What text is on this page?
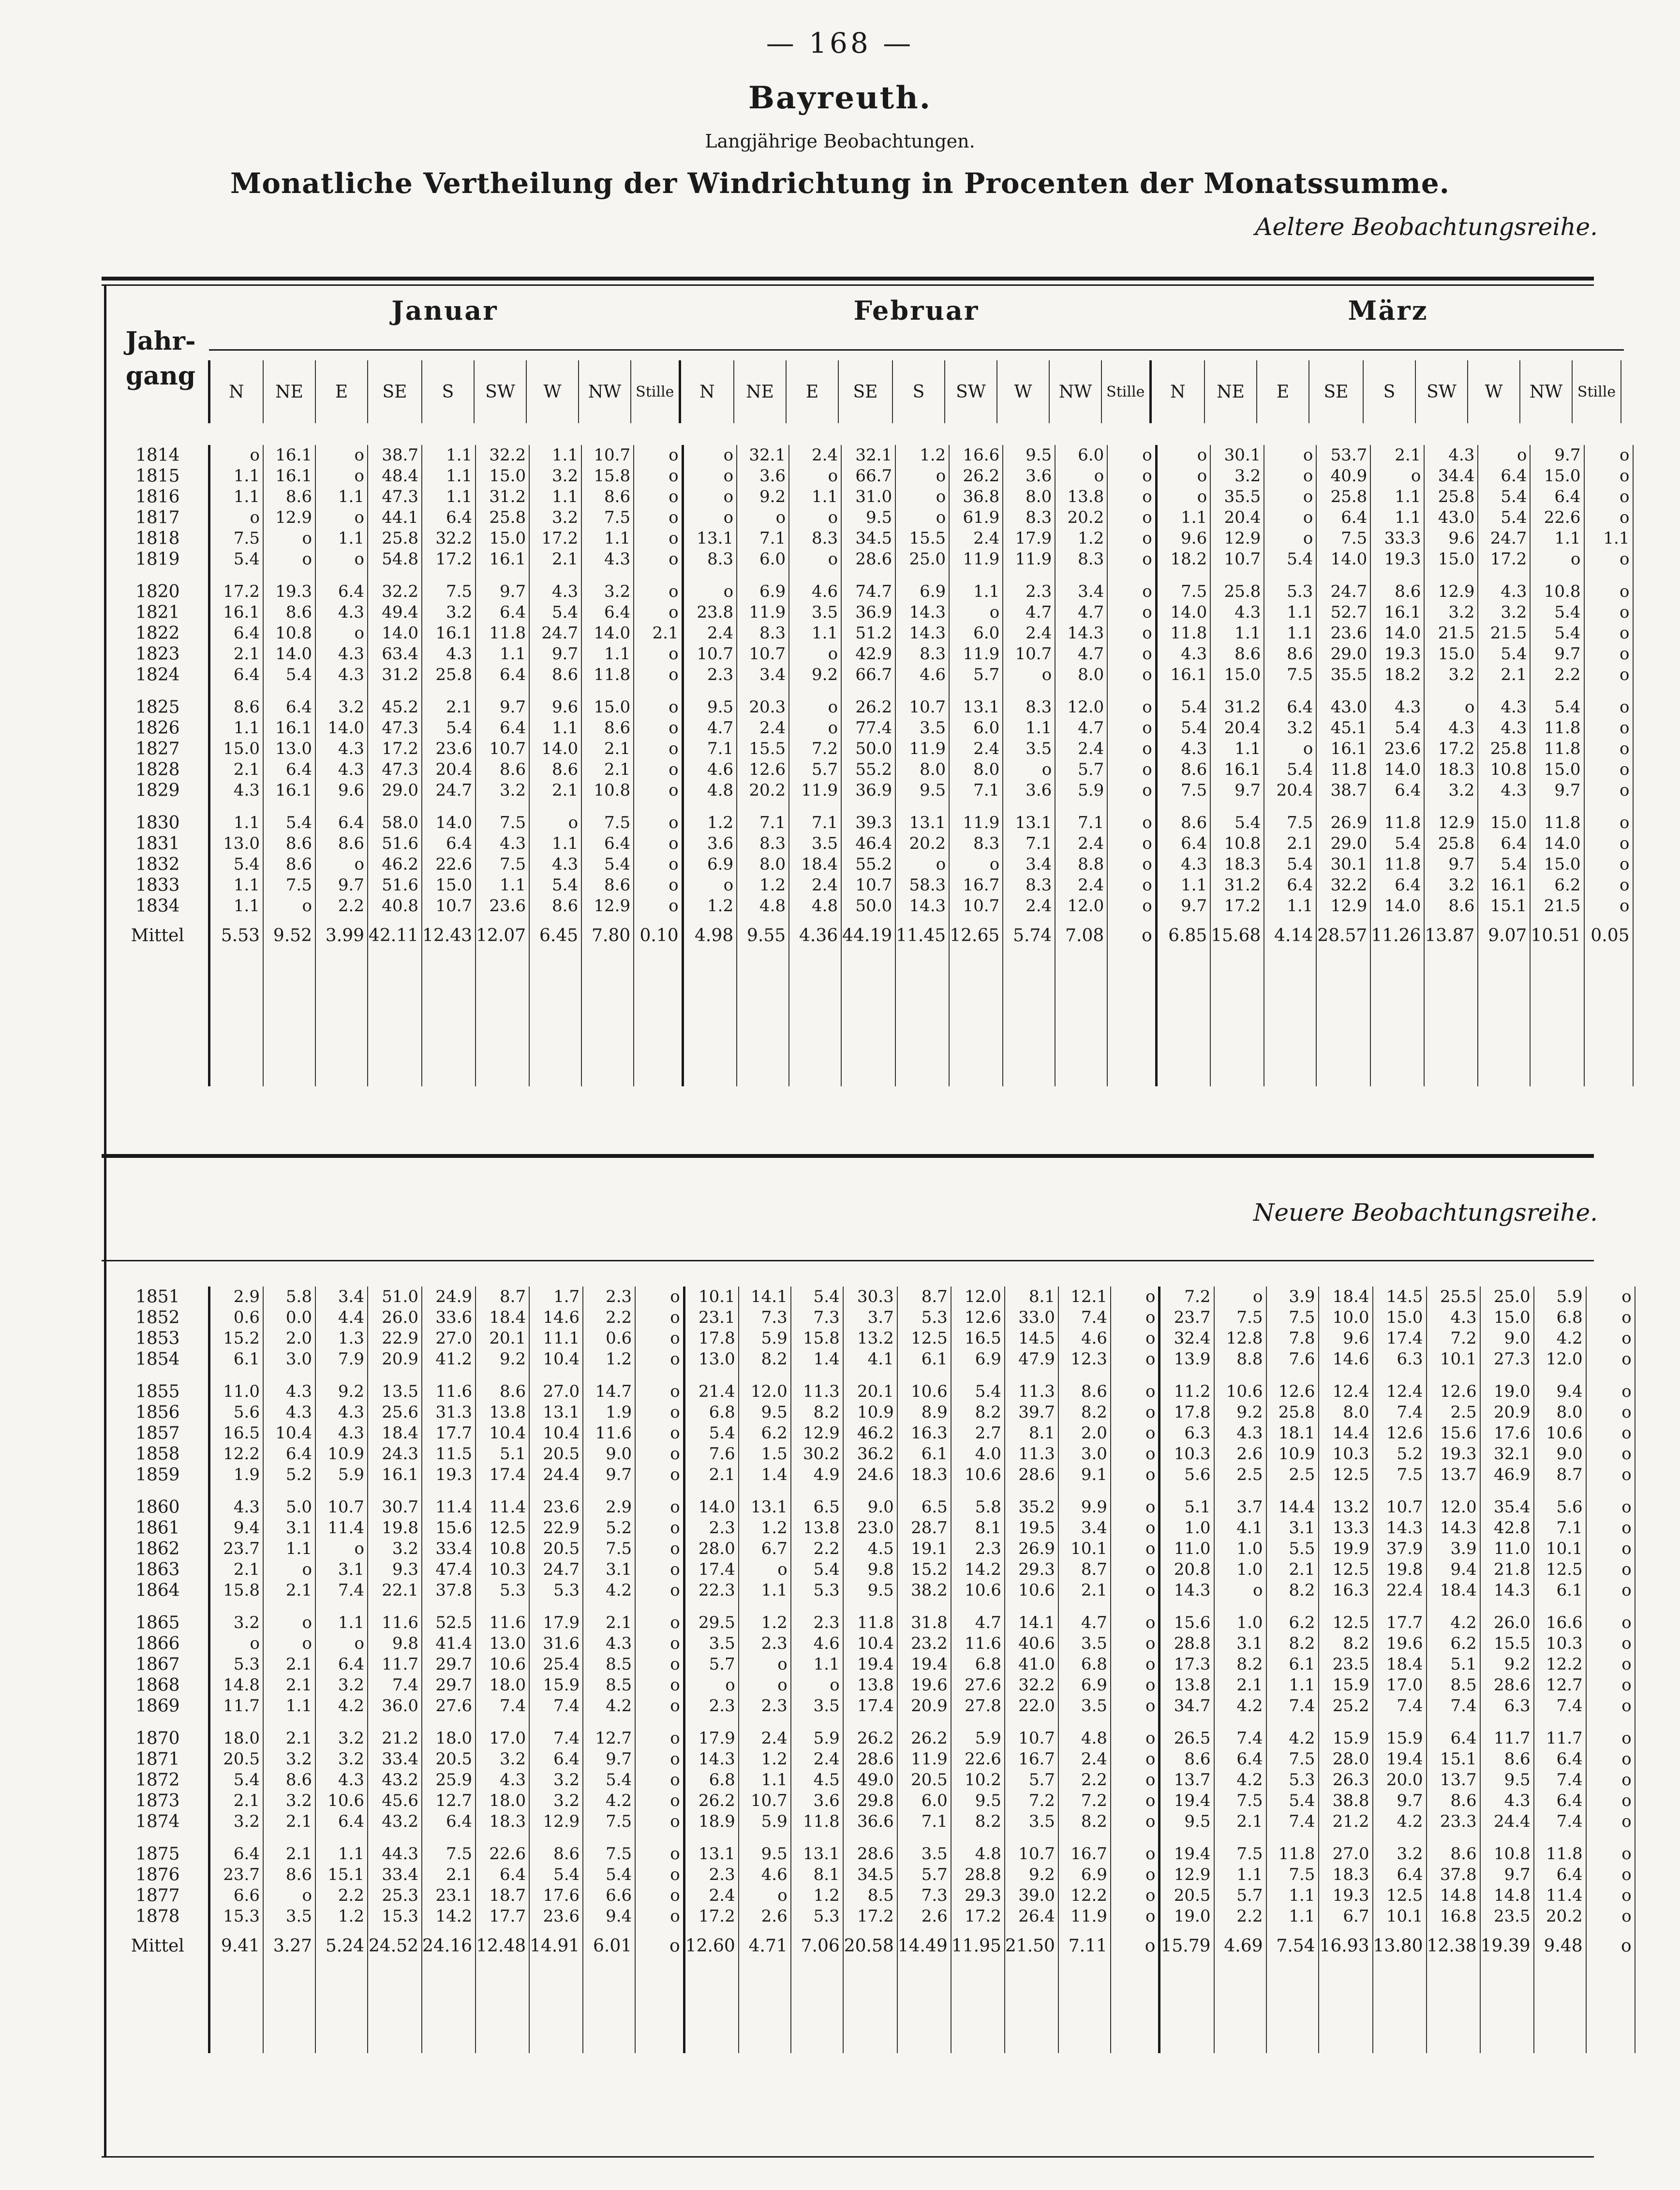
— 168 —
Bayreuth.
Langjährige Beobachtungen.
Monatliche Vertheilung der Windrichtung in Procenten der Monatssumme.
Aeltere Beobachtungsreihe.
Jahr-
gang
Januar	Februar	März
	N	NE	E	SE	S	SW	W	NW	Stille	N	NE	E	SE	S	SW	W	NW	Stille	N	NE	E	SE	S	SW	W	NW	Stille
1814	o	16.1	o	38.7	1.1	32.2	1.1	10.7	o	o	32.1	2.4	32.1	1.2	16.6	9.5	6.0	o	o	30.1	o	53.7	2.1	4.3	o	9.7	o
1815	1.1	16.1	o	48.4	1.1	15.0	3.2	15.8	o	o	3.6	o	66.7	o	26.2	3.6	o	o	o	3.2	o	40.9	o	34.4	6.4	15.0	o
1816	1.1	8.6	1.1	47.3	1.1	31.2	1.1	8.6	o	o	9.2	1.1	31.0	o	36.8	8.0	13.8	o	o	35.5	o	25.8	1.1	25.8	5.4	6.4	o
1817	o	12.9	o	44.1	6.4	25.8	3.2	7.5	o	o	o	o	9.5	o	61.9	8.3	20.2	o	1.1	20.4	o	6.4	1.1	43.0	5.4	22.6	o
1818	7.5	o	1.1	25.8	32.2	15.0	17.2	1.1	o	13.1	7.1	8.3	34.5	15.5	2.4	17.9	1.2	o	9.6	12.9	o	7.5	33.3	9.6	24.7	1.1	1.1
1819	5.4	o	o	54.8	17.2	16.1	2.1	4.3	o	8.3	6.0	o	28.6	25.0	11.9	11.9	8.3	o	18.2	10.7	5.4	14.0	19.3	15.0	17.2	o	o
1820	17.2	19.3	6.4	32.2	7.5	9.7	4.3	3.2	o	o	6.9	4.6	74.7	6.9	1.1	2.3	3.4	o	7.5	25.8	5.3	24.7	8.6	12.9	4.3	10.8	o
1821	16.1	8.6	4.3	49.4	3.2	6.4	5.4	6.4	o	23.8	11.9	3.5	36.9	14.3	o	4.7	4.7	o	14.0	4.3	1.1	52.7	16.1	3.2	3.2	5.4	o
1822	6.4	10.8	o	14.0	16.1	11.8	24.7	14.0	2.1	2.4	8.3	1.1	51.2	14.3	6.0	2.4	14.3	o	11.8	1.1	1.1	23.6	14.0	21.5	21.5	5.4	o
1823	2.1	14.0	4.3	63.4	4.3	1.1	9.7	1.1	o	10.7	10.7	o	42.9	8.3	11.9	10.7	4.7	o	4.3	8.6	8.6	29.0	19.3	15.0	5.4	9.7	o
1824	6.4	5.4	4.3	31.2	25.8	6.4	8.6	11.8	o	2.3	3.4	9.2	66.7	4.6	5.7	o	8.0	o	16.1	15.0	7.5	35.5	18.2	3.2	2.1	2.2	o
1825	8.6	6.4	3.2	45.2	2.1	9.7	9.6	15.0	o	9.5	20.3	o	26.2	10.7	13.1	8.3	12.0	o	5.4	31.2	6.4	43.0	4.3	o	4.3	5.4	o
1826	1.1	16.1	14.0	47.3	5.4	6.4	1.1	8.6	o	4.7	2.4	o	77.4	3.5	6.0	1.1	4.7	o	5.4	20.4	3.2	45.1	5.4	4.3	4.3	11.8	o
1827	15.0	13.0	4.3	17.2	23.6	10.7	14.0	2.1	o	7.1	15.5	7.2	50.0	11.9	2.4	3.5	2.4	o	4.3	1.1	o	16.1	23.6	17.2	25.8	11.8	o
1828	2.1	6.4	4.3	47.3	20.4	8.6	8.6	2.1	o	4.6	12.6	5.7	55.2	8.0	8.0	o	5.7	o	8.6	16.1	5.4	11.8	14.0	18.3	10.8	15.0	o
1829	4.3	16.1	9.6	29.0	24.7	3.2	2.1	10.8	o	4.8	20.2	11.9	36.9	9.5	7.1	3.6	5.9	o	7.5	9.7	20.4	38.7	6.4	3.2	4.3	9.7	o
1830	1.1	5.4	6.4	58.0	14.0	7.5	o	7.5	o	1.2	7.1	7.1	39.3	13.1	11.9	13.1	7.1	o	8.6	5.4	7.5	26.9	11.8	12.9	15.0	11.8	o
1831	13.0	8.6	8.6	51.6	6.4	4.3	1.1	6.4	o	3.6	8.3	3.5	46.4	20.2	8.3	7.1	2.4	o	6.4	10.8	2.1	29.0	5.4	25.8	6.4	14.0	o
1832	5.4	8.6	o	46.2	22.6	7.5	4.3	5.4	o	6.9	8.0	18.4	55.2	o	o	3.4	8.8	o	4.3	18.3	5.4	30.1	11.8	9.7	5.4	15.0	o
1833	1.1	7.5	9.7	51.6	15.0	1.1	5.4	8.6	o	o	1.2	2.4	10.7	58.3	16.7	8.3	2.4	o	1.1	31.2	6.4	32.2	6.4	3.2	16.1	6.2	o
1834	1.1	o	2.2	40.8	10.7	23.6	8.6	12.9	o	1.2	4.8	4.8	50.0	14.3	10.7	2.4	12.0	o	9.7	17.2	1.1	12.9	14.0	8.6	15.1	21.5	o
Mittel	5.53	9.52	3.99	42.11	12.43	12.07	6.45	7.80	0.10	4.98	9.55	4.36	44.19	11.45	12.65	5.74	7.08	o	6.85	15.68	4.14	28.57	11.26	13.87	9.07	10.51	0.05

Neuere Beobachtungsreihe.
1851	2.9	5.8	3.4	51.0	24.9	8.7	1.7	2.3	o	10.1	14.1	5.4	30.3	8.7	12.0	8.1	12.1	o	7.2	o	3.9	18.4	14.5	25.5	25.0	5.9	o
1852	0.6	0.0	4.4	26.0	33.6	18.4	14.6	2.2	o	23.1	7.3	7.3	3.7	5.3	12.6	33.0	7.4	o	23.7	7.5	7.5	10.0	15.0	4.3	15.0	6.8	o
1853	15.2	2.0	1.3	22.9	27.0	20.1	11.1	0.6	o	17.8	5.9	15.8	13.2	12.5	16.5	14.5	4.6	o	32.4	12.8	7.8	9.6	17.4	7.2	9.0	4.2	o
1854	6.1	3.0	7.9	20.9	41.2	9.2	10.4	1.2	o	13.0	8.2	1.4	4.1	6.1	6.9	47.9	12.3	o	13.9	8.8	7.6	14.6	6.3	10.1	27.3	12.0	o
1855	11.0	4.3	9.2	13.5	11.6	8.6	27.0	14.7	o	21.4	12.0	11.3	20.1	10.6	5.4	11.3	8.6	o	11.2	10.6	12.6	12.4	12.4	12.6	19.0	9.4	o
1856	5.6	4.3	4.3	25.6	31.3	13.8	13.1	1.9	o	6.8	9.5	8.2	10.9	8.9	8.2	39.7	8.2	o	17.8	9.2	25.8	8.0	7.4	2.5	20.9	8.0	o
1857	16.5	10.4	4.3	18.4	17.7	10.4	10.4	11.6	o	5.4	6.2	12.9	46.2	16.3	2.7	8.1	2.0	o	6.3	4.3	18.1	14.4	12.6	15.6	17.6	10.6	o
1858	12.2	6.4	10.9	24.3	11.5	5.1	20.5	9.0	o	7.6	1.5	30.2	36.2	6.1	4.0	11.3	3.0	o	10.3	2.6	10.9	10.3	5.2	19.3	32.1	9.0	o
1859	1.9	5.2	5.9	16.1	19.3	17.4	24.4	9.7	o	2.1	1.4	4.9	24.6	18.3	10.6	28.6	9.1	o	5.6	2.5	2.5	12.5	7.5	13.7	46.9	8.7	o
1860	4.3	5.0	10.7	30.7	11.4	11.4	23.6	2.9	o	14.0	13.1	6.5	9.0	6.5	5.8	35.2	9.9	o	5.1	3.7	14.4	13.2	10.7	12.0	35.4	5.6	o
1861	9.4	3.1	11.4	19.8	15.6	12.5	22.9	5.2	o	2.3	1.2	13.8	23.0	28.7	8.1	19.5	3.4	o	1.0	4.1	3.1	13.3	14.3	14.3	42.8	7.1	o
1862	23.7	1.1	o	3.2	33.4	10.8	20.5	7.5	o	28.0	6.7	2.2	4.5	19.1	2.3	26.9	10.1	o	11.0	1.0	5.5	19.9	37.9	3.9	11.0	10.1	o
1863	2.1	o	3.1	9.3	47.4	10.3	24.7	3.1	o	17.4	o	5.4	9.8	15.2	14.2	29.3	8.7	o	20.8	1.0	2.1	12.5	19.8	9.4	21.8	12.5	o
1864	15.8	2.1	7.4	22.1	37.8	5.3	5.3	4.2	o	22.3	1.1	5.3	9.5	38.2	10.6	10.6	2.1	o	14.3	o	8.2	16.3	22.4	18.4	14.3	6.1	o
1865	3.2	o	1.1	11.6	52.5	11.6	17.9	2.1	o	29.5	1.2	2.3	11.8	31.8	4.7	14.1	4.7	o	15.6	1.0	6.2	12.5	17.7	4.2	26.0	16.6	o
1866	o	o	o	9.8	41.4	13.0	31.6	4.3	o	3.5	2.3	4.6	10.4	23.2	11.6	40.6	3.5	o	28.8	3.1	8.2	8.2	19.6	6.2	15.5	10.3	o
1867	5.3	2.1	6.4	11.7	29.7	10.6	25.4	8.5	o	5.7	o	1.1	19.4	19.4	6.8	41.0	6.8	o	17.3	8.2	6.1	23.5	18.4	5.1	9.2	12.2	o
1868	14.8	2.1	3.2	7.4	29.7	18.0	15.9	8.5	o	o	o	o	13.8	19.6	27.6	32.2	6.9	o	13.8	2.1	1.1	15.9	17.0	8.5	28.6	12.7	o
1869	11.7	1.1	4.2	36.0	27.6	7.4	7.4	4.2	o	2.3	2.3	3.5	17.4	20.9	27.8	22.0	3.5	o	34.7	4.2	7.4	25.2	7.4	7.4	6.3	7.4	o
1870	18.0	2.1	3.2	21.2	18.0	17.0	7.4	12.7	o	17.9	2.4	5.9	26.2	26.2	5.9	10.7	4.8	o	26.5	7.4	4.2	15.9	15.9	6.4	11.7	11.7	o
1871	20.5	3.2	3.2	33.4	20.5	3.2	6.4	9.7	o	14.3	1.2	2.4	28.6	11.9	22.6	16.7	2.4	o	8.6	6.4	7.5	28.0	19.4	15.1	8.6	6.4	o
1872	5.4	8.6	4.3	43.2	25.9	4.3	3.2	5.4	o	6.8	1.1	4.5	49.0	20.5	10.2	5.7	2.2	o	13.7	4.2	5.3	26.3	20.0	13.7	9.5	7.4	o
1873	2.1	3.2	10.6	45.6	12.7	18.0	3.2	4.2	o	26.2	10.7	3.6	29.8	6.0	9.5	7.2	7.2	o	19.4	7.5	5.4	38.8	9.7	8.6	4.3	6.4	o
1874	3.2	2.1	6.4	43.2	6.4	18.3	12.9	7.5	o	18.9	5.9	11.8	36.6	7.1	8.2	3.5	8.2	o	9.5	2.1	7.4	21.2	4.2	23.3	24.4	7.4	o
1875	6.4	2.1	1.1	44.3	7.5	22.6	8.6	7.5	o	13.1	9.5	13.1	28.6	3.5	4.8	10.7	16.7	o	19.4	7.5	11.8	27.0	3.2	8.6	10.8	11.8	o
1876	23.7	8.6	15.1	33.4	2.1	6.4	5.4	5.4	o	2.3	4.6	8.1	34.5	5.7	28.8	9.2	6.9	o	12.9	1.1	7.5	18.3	6.4	37.8	9.7	6.4	o
1877	6.6	o	2.2	25.3	23.1	18.7	17.6	6.6	o	2.4	o	1.2	8.5	7.3	29.3	39.0	12.2	o	20.5	5.7	1.1	19.3	12.5	14.8	14.8	11.4	o
1878	15.3	3.5	1.2	15.3	14.2	17.7	23.6	9.4	o	17.2	2.6	5.3	17.2	2.6	17.2	26.4	11.9	o	19.0	2.2	1.1	6.7	10.1	16.8	23.5	20.2	o
Mittel	9.41	3.27	5.24	24.52	24.16	12.48	14.91	6.01	o	12.60	4.71	7.06	20.58	14.49	11.95	21.50	7.11	o	15.79	4.69	7.54	16.93	13.80	12.38	19.39	9.48	o
